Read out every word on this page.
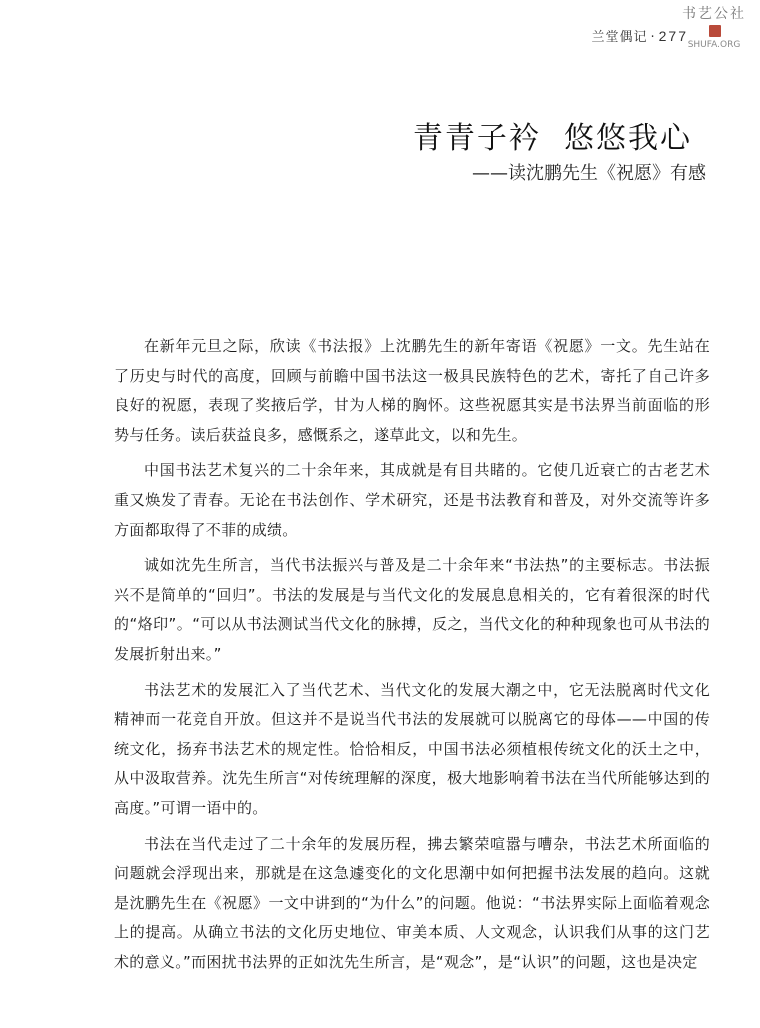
兰堂偶记 · 277
书艺公社
SHUFA.ORG
青青子衿  悠悠我心
——读沈鹏先生《祝愿》有感

在新年元旦之际，欣读《书法报》上沈鹏先生的新年寄语《祝愿》一文。先生站在了历史与时代的高度，回顾与前瞻中国书法这一极具民族特色的艺术，寄托了自己许多良好的祝愿，表现了奖掖后学，甘为人梯的胸怀。这些祝愿其实是书法界当前面临的形势与任务。读后获益良多，感慨系之，遂草此文，以和先生。

中国书法艺术复兴的二十余年来，其成就是有目共睹的。它使几近衰亡的古老艺术重又焕发了青春。无论在书法创作、学术研究，还是书法教育和普及，对外交流等许多方面都取得了不菲的成绩。

诚如沈先生所言，当代书法振兴与普及是二十余年来“书法热”的主要标志。书法振兴不是简单的“回归”。书法的发展是与当代文化的发展息息相关的，它有着很深的时代的“烙印”。“可以从书法测试当代文化的脉搏，反之，当代文化的种种现象也可从书法的发展折射出来。”

书法艺术的发展汇入了当代艺术、当代文化的发展大潮之中，它无法脱离时代文化精神而一花竞自开放。但这并不是说当代书法的发展就可以脱离它的母体——中国的传统文化，扬弃书法艺术的规定性。恰恰相反，中国书法必须植根传统文化的沃土之中，从中汲取营养。沈先生所言“对传统理解的深度，极大地影响着书法在当代所能够达到的高度。”可谓一语中的。

书法在当代走过了二十余年的发展历程，拂去繁荣喧嚣与嘈杂，书法艺术所面临的问题就会浮现出来，那就是在这急遽变化的文化思潮中如何把握书法发展的趋向。这就是沈鹏先生在《祝愿》一文中讲到的“为什么”的问题。他说：“书法界实际上面临着观念上的提高。从确立书法的文化历史地位、审美本质、人文观念，认识我们从事的这门艺术的意义。”而困扰书法界的正如沈先生所言，是“观念”，是“认识”的问题，这也是决定
